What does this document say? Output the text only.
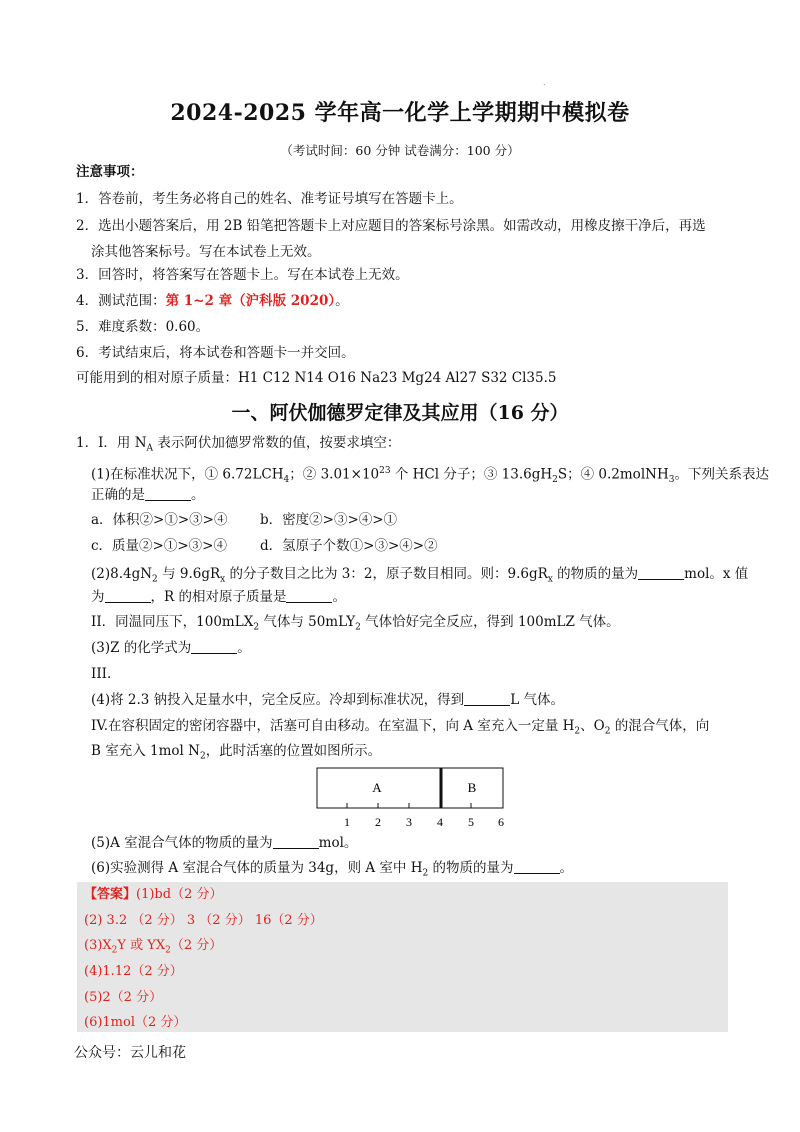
.
2024-2025 学年高一化学上学期期中模拟卷
（考试时间：60 分钟 试卷满分：100 分）
注意事项：
1．答卷前，考生务必将自己的姓名、准考证号填写在答题卡上。
2．选出小题答案后，用 2B 铅笔把答题卡上对应题目的答案标号涂黑。如需改动，用橡皮擦干净后，再选
涂其他答案标号。写在本试卷上无效。
3．回答时，将答案写在答题卡上。写在本试卷上无效。
4．测试范围：第 1~2 章（沪科版 2020）。
5．难度系数：0.60。
6．考试结束后，将本试卷和答题卡一并交回。
可能用到的相对原子质量：H1 C12 N14 O16 Na23 Mg24 Al27 S32 Cl35.5
一、阿伏伽德罗定律及其应用（16 分）
1．I．用 $N_A$ 表示阿伏加德罗常数的值，按要求填空：
(1)在标准状况下，① $6.72LCH_4$；② $3.01\times 10^{23}$ 个 HCl 分子；③ $13.6gH_2S$；④ 0.2molNH$_3$。下列关系表达
正确的是	。
a．体积②>①>③>④ b．密度②>③>④>①
c．质量②>①>③>④ d．氢原子个数①>③>④>②
$(2)8.4gN_2$ 与 $9.6gR_x$ 的分子数目之比为 3：2，原子数目相同。则：$9.6gR_x$ 的物质的量为	mol。x 值
为	，R 的相对原子质量是	。
II．同温同压下，100mLX$_2$ 气体与 50mLY$_2$ 气体恰好完全反应，得到 100mLZ 气体。
(3)Z 的化学式为	。
III.
(4)将 2.3 钠投入足量水中，完全反应。冷却到标准状况，得到	L 气体。
IV.在容积固定的密闭容器中，活塞可自由移动。在室温下，向 A 室充入一定量 $H_2$、$O_2$ 的混合气体，向
B 室充入 1mol $N_2$，此时活塞的位置如图所示。
A	B
1 2 3 4 5 6
(5)A 室混合气体的物质的量为	mol。
(6)实验测得 A 室混合气体的质量为 34g，则 A 室中 $H_2$ 的物质的量为	。
【答案】(1)bd（2 分）
(2) 3.2 （2 分） 3 （2 分） 16（2 分）
$(3)X_2Y$ 或 $YX_2(2$ 分）
(4)1.12（2 分）
(5)2（2 分）
(6)1mol（2 分）
公众号：云儿和花
